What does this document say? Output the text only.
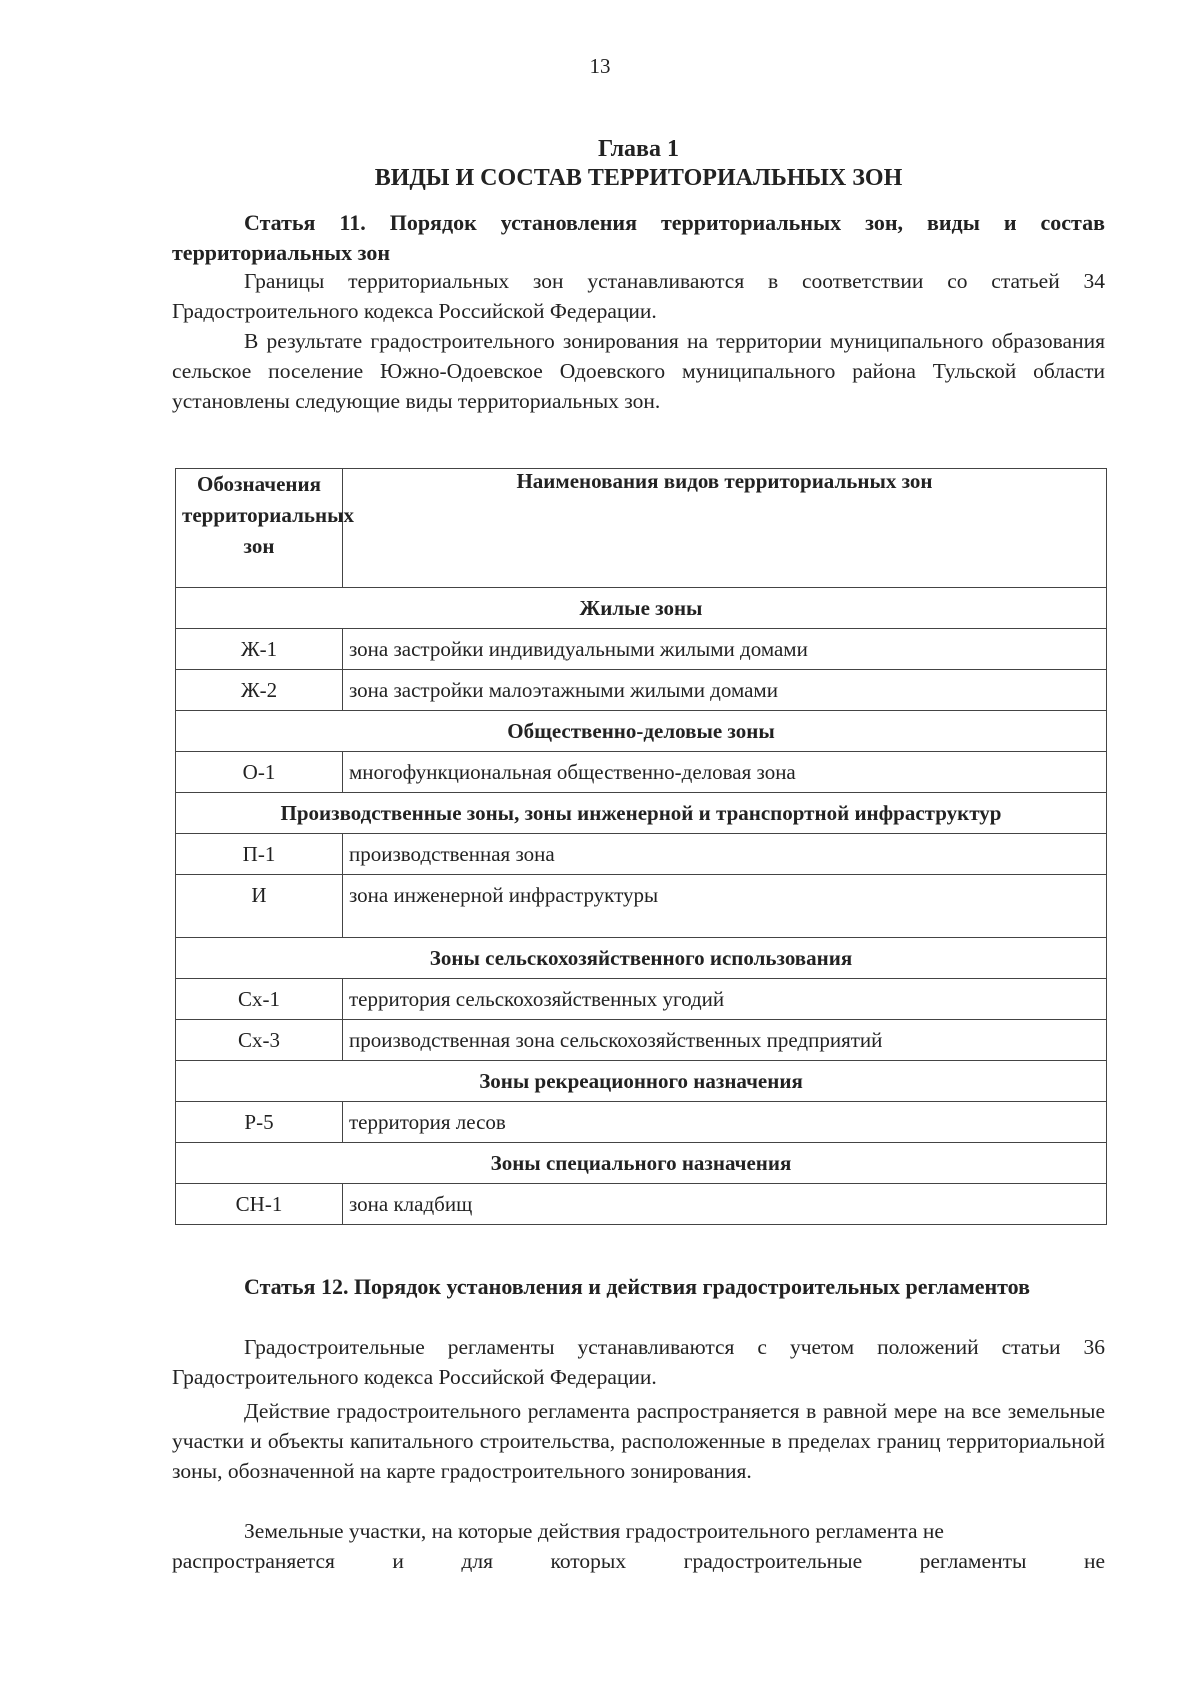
13
Глава 1
ВИДЫ И СОСТАВ ТЕРРИТОРИАЛЬНЫХ ЗОН
Статья 11. Порядок установления территориальных зон, виды и состав территориальных зон
Границы территориальных зон устанавливаются в соответствии со статьей 34 Градостроительного кодекса Российской Федерации.
В результате градостроительного зонирования на территории муниципального образования сельское поселение Южно-Одоевское Одоевского муниципального района Тульской области установлены следующие виды территориальных зон.
Обозначения территориальных зон	Наименования видов территориальных зон
Жилые зоны	
Ж-1	зона застройки индивидуальными жилыми домами
Ж-2	зона застройки малоэтажными жилыми домами
Общественно-деловые зоны	
О-1	многофункциональная общественно-деловая зона
Производственные зоны, зоны инженерной и транспортной инфраструктур	
П-1	производственная зона
И	зона инженерной инфраструктуры
Зоны сельскохозяйственного использования	
Сх-1	территория сельскохозяйственных угодий
Сх-3	производственная зона сельскохозяйственных предприятий
Зоны рекреационного назначения	
Р-5	территория лесов
Зоны специального назначения	
СН-1	зона кладбищ
Статья 12. Порядок установления и действия градостроительных регламентов
Градостроительные регламенты устанавливаются с учетом положений статьи 36 Градостроительного кодекса Российской Федерации.
Действие градостроительного регламента распространяется в равной мере на все земельные участки и объекты капитального строительства, расположенные в пределах границ территориальной зоны, обозначенной на карте градостроительного зонирования.
Земельные участки, на которые действия градостроительного регламента не
распространяется	и	для	которых	градостроительные	регламенты	не
